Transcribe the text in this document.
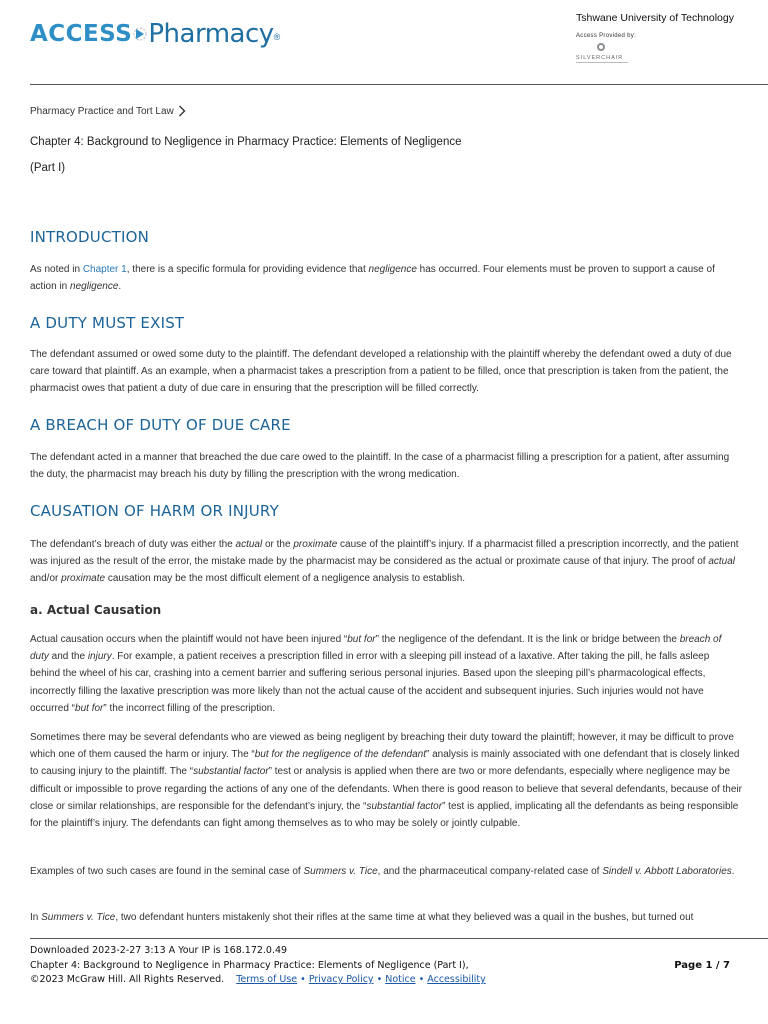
ACCESS Pharmacy ®
Tshwane University of Technology
Access Provided by:
SILVERCHAIR
Pharmacy Practice and Tort Law
Chapter 4: Background to Negligence in Pharmacy Practice: Elements of Negligence
(Part I)
INTRODUCTION

As noted in Chapter 1, there is a specific formula for providing evidence that negligence has occurred. Four elements must be proven to support a cause of action in negligence.

A DUTY MUST EXIST

The defendant assumed or owed some duty to the plaintiff. The defendant developed a relationship with the plaintiff whereby the defendant owed a duty of due care toward that plaintiff. As an example, when a pharmacist takes a prescription from a patient to be filled, once that prescription is taken from the patient, the pharmacist owes that patient a duty of due care in ensuring that the prescription will be filled correctly.

A BREACH OF DUTY OF DUE CARE

The defendant acted in a manner that breached the due care owed to the plaintiff. In the case of a pharmacist filling a prescription for a patient, after assuming the duty, the pharmacist may breach his duty by filling the prescription with the wrong medication.

CAUSATION OF HARM OR INJURY

The defendant’s breach of duty was either the actual or the proximate cause of the plaintiff’s injury. If a pharmacist filled a prescription incorrectly, and the patient was injured as the result of the error, the mistake made by the pharmacist may be considered as the actual or proximate cause of that injury. The proof of actual and/or proximate causation may be the most difficult element of a negligence analysis to establish.

a. Actual Causation

Actual causation occurs when the plaintiff would not have been injured “but for” the negligence of the defendant. It is the link or bridge between the breach of duty and the injury. For example, a patient receives a prescription filled in error with a sleeping pill instead of a laxative. After taking the pill, he falls asleep behind the wheel of his car, crashing into a cement barrier and suffering serious personal injuries. Based upon the sleeping pill’s pharmacological effects, incorrectly filling the laxative prescription was more likely than not the actual cause of the accident and subsequent injuries. Such injuries would not have occurred “but for” the incorrect filling of the prescription.

Sometimes there may be several defendants who are viewed as being negligent by breaching their duty toward the plaintiff; however, it may be difficult to prove which one of them caused the harm or injury. The “but for the negligence of the defendant” analysis is mainly associated with one defendant that is closely linked to causing injury to the plaintiff. The “substantial factor” test or analysis is applied when there are two or more defendants, especially where negligence may be difficult or impossible to prove regarding the actions of any one of the defendants. When there is good reason to believe that several defendants, because of their close or similar relationships, are responsible for the defendant’s injury, the “substantial factor” test is applied, implicating all the defendants as being responsible for the plaintiff’s injury. The defendants can fight among themselves as to who may be solely or jointly culpable.

Examples of two such cases are found in the seminal case of Summers v. Tice, and the pharmaceutical company-related case of Sindell v. Abbott Laboratories.

In Summers v. Tice, two defendant hunters mistakenly shot their rifles at the same time at what they believed was a quail in the bushes, but turned out

Downloaded 2023-2-27 3:13 A Your IP is 168.172.0.49
Chapter 4: Background to Negligence in Pharmacy Practice: Elements of Negligence (Part I),
©2023 McGraw Hill. All Rights Reserved. Terms of Use • Privacy Policy • Notice • Accessibility
Page 1 / 7
